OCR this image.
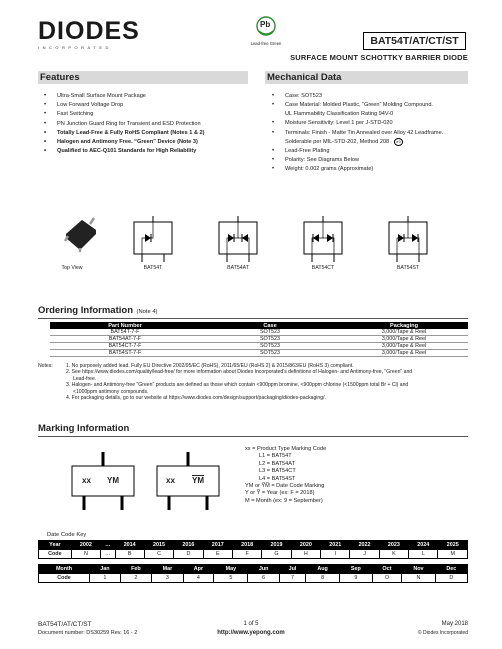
DIODES
INCORPORATED
Pb
Lead-free Green	BAT54T/AT/CT/ST
SURFACE MOUNT SCHOTTKY BARRIER DIODE
Features
• Ultra-Small Surface Mount Package
• Low Forward Voltage Drop
• Fast Switching
• PN Junction Guard Ring for Transient and ESD Protection
• Totally Lead-Free & Fully RoHS Compliant (Notes 1 & 2)
• Halogen and Antimony Free. “Green” Device (Note 3)
• Qualified to AEC-Q101 Standards for High Reliability
Mechanical Data
• Case: SOT523
• Case Material: Molded Plastic, “Green” Molding Compound.
UL Flammability Classification Rating 94V-0
• Moisture Sensitivity: Level 1 per J-STD-020
• Terminals: Finish - Matte Tin Annealed over Alloy 42 Leadframe.
Solderable per MIL-STD-202, Method 208 e3
• Lead-Free Plating
• Polarity: See Diagrams Below
• Weight: 0.002 grams (Approximate)
Top View	BAT54T	BAT54AT	BAT54CT	BAT54ST
Ordering Information (Note 4)
Part Number	Case	Packaging
BAT54T-7-F	SOT523	3,000/Tape & Reel
BAT54AT-7-F	SOT523	3,000/Tape & Reel
BAT54CT-7-F	SOT523	3,000/Tape & Reel
BAT54ST-7-F	SOT523	3,000/Tape & Reel
Notes:	1. No purposely added lead. Fully EU Directive 2002/95/EC (RoHS), 2011/65/EU (RoHS 2) & 2015/863/EU (RoHS 3) compliant.
2. See https://www.diodes.com/quality/lead-free/ for more information about Diodes Incorporated’s definitions of Halogen- and Antimony-free, "Green" and
Lead-free.
3. Halogen- and Antimony-free "Green" products are defined as those which contain <900ppm bromine, <900ppm chlorine (<1500ppm total Br + Cl) and
<1000ppm antimony compounds.
4. For packaging details, go to our website at https://www.diodes.com/design/support/packaging/diodes-packaging/.
Marking Information
xx YM	xx $\overline{YM}$
xx = Product Type Marking Code
L1 = BAT54T
L2 = BAT54AT
L3 = BAT54CT
L4 = BAT54ST
YM or Y̅M̅ = Date Code Marking
Y or Y̅ = Year (ex: F = 2018)
M = Month (ex: 9 = September)
Date Code Key
Year	2002	…	2014	2015	2016	2017	2018	2019	2020	2021	2022	2023	2024	2025
Code	N	…	B	C	D	E	F	G	H	I	J	K	L	M
Month	Jan	Feb	Mar	Apr	May	Jun	Jul	Aug	Sep	Oct	Nov	Dec
Code	1	2	3	4	5	6	7	8	9	O	N	D
BAT54T/AT/CT/ST
Document number: DS30259 Rev. 16 - 2
1 of 5
http://www.yepong.com
May 2018
© Diodes Incorporated
